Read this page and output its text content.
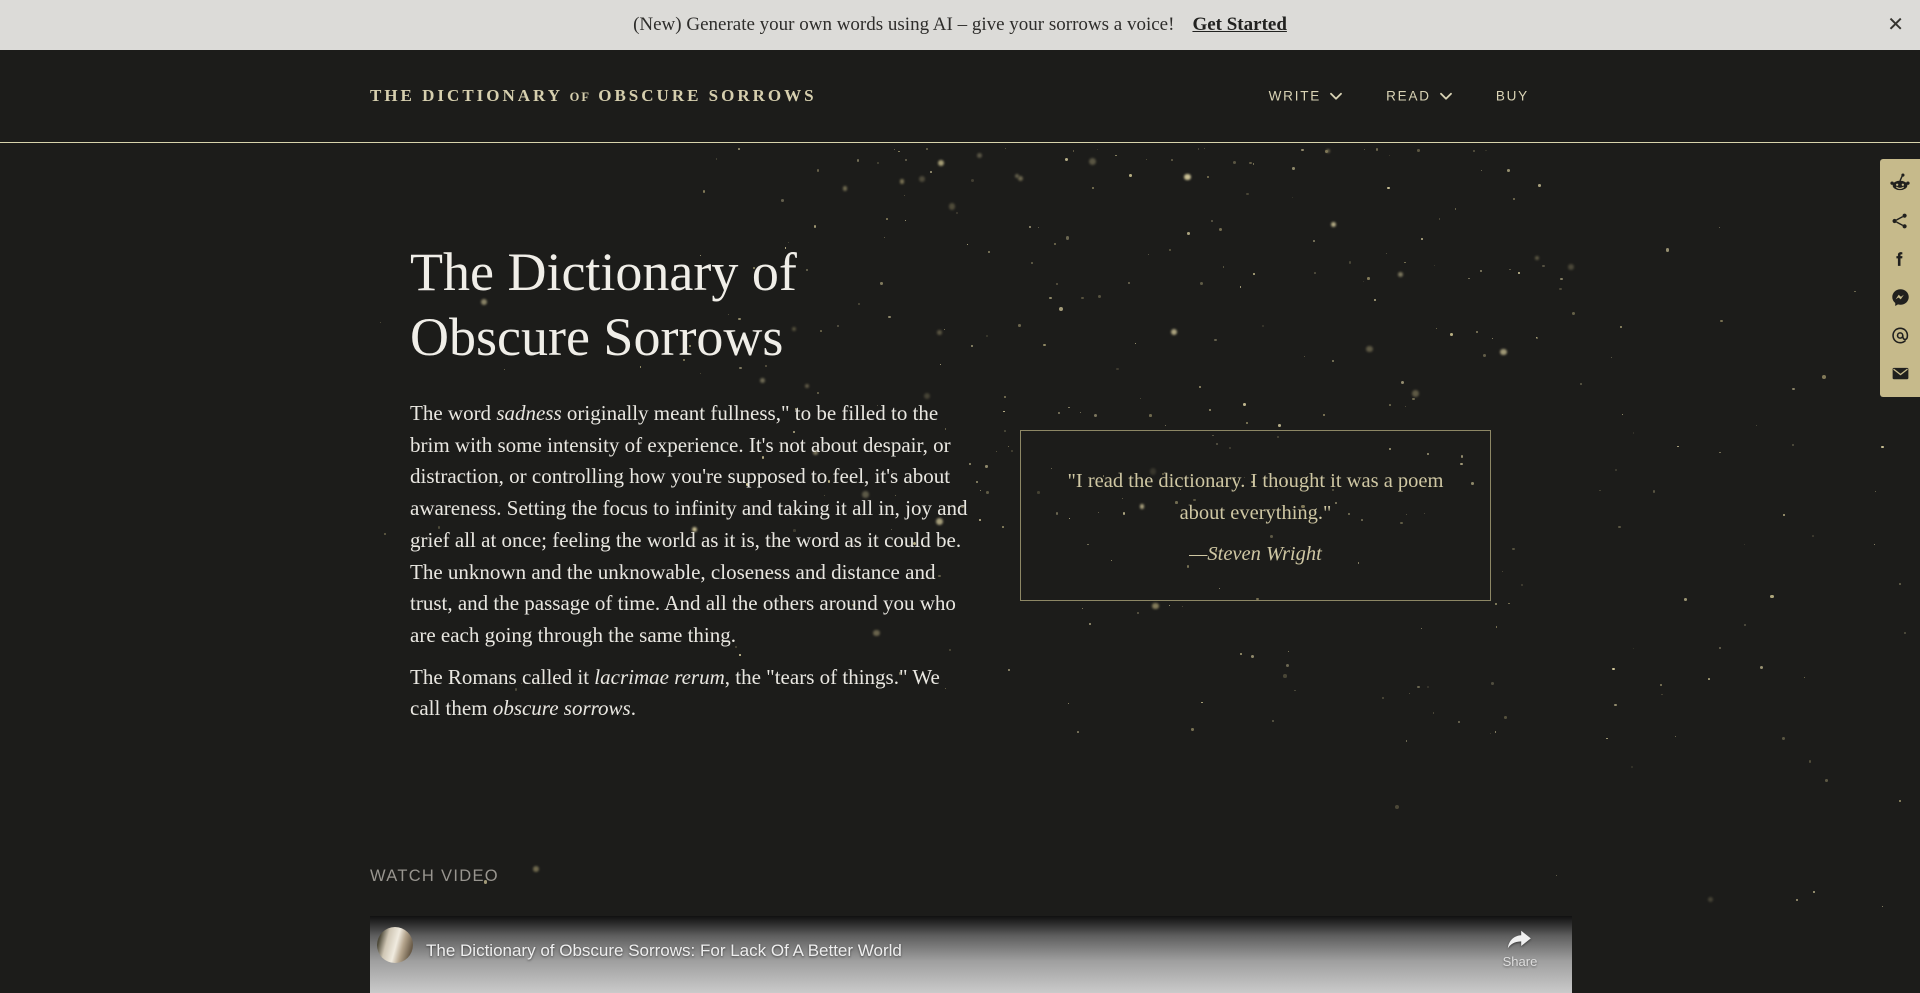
(New) Generate your own words using AI – give your sorrows a voice! Get Started	✕
THE DICTIONARY OF OBSCURE SORROWS	WRITE	READ	BUY
The Dictionary of Obscure Sorrows

The word sadness originally meant fullness," to be filled to the brim with some intensity of experience. It's not about despair, or distraction, or controlling how you're supposed to feel, it's about awareness. Setting the focus to infinity and taking it all in, joy and grief all at once; feeling the world as it is, the word as it could be. The unknown and the unknowable, closeness and distance and trust, and the passage of time. And all the others around you who are each going through the same thing.

The Romans called it lacrimae rerum, the "tears of things." We call them obscure sorrows.

"I read the dictionary. I thought it was a poem about everything."
—Steven Wright
WATCH VIDEO
The Dictionary of Obscure Sorrows: For Lack Of A Better World
Share
